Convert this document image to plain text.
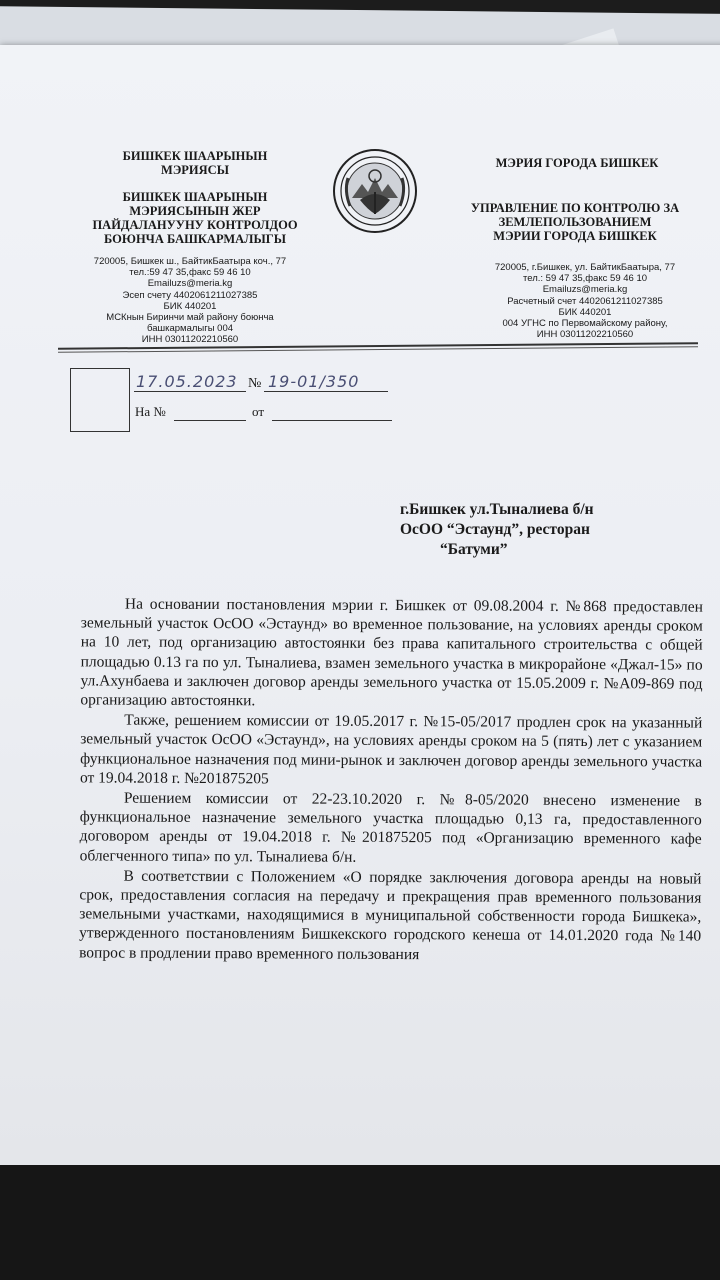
БИШКЕК ШААРЫНЫН
МЭРИЯСЫ
БИШКЕК ШААРЫНЫН
МЭРИЯСЫНЫН ЖЕР
ПАЙДАЛАНУУНУ КОНТРОЛДОО
БОЮНЧА БАШКАРМАЛЫГЫ
720005, Бишкек ш., БайтикБаатыра коч., 77
тел.:59 47 35,факс 59 46 10
Emailuzs@meria.kg
Эсеп счету 4402061211027385
БИК 440201
МСКнын Биринчи май району боюнча
башкармалыгы 004
ИНН 03011202210560
МЭРИЯ ГОРОДА БИШКЕК
УПРАВЛЕНИЕ ПО КОНТРОЛЮ ЗА
ЗЕМЛЕПОЛЬЗОВАНИЕМ
МЭРИИ ГОРОДА БИШКЕК
720005, г.Бишкек, ул. БайтикБаатыра, 77
тел.: 59 47 35,факс 59 46 10
Emailuzs@meria.kg
Расчетный счет 4402061211027385
БИК 440201
004 УГНС по Первомайскому району,
ИНН 03011202210560
17.05.2023 № 19-01/350
На №	от
г.Бишкек ул.Тыналиева б/н
ОсОО “Эстаунд”, ресторан
“Батуми”

На основании постановления мэрии г. Бишкек от 09.08.2004 г. №868 предоставлен земельный участок ОсОО «Эстаунд» во временное пользование, на условиях аренды сроком на 10 лет, под организацию автостоянки без права капитального строительства с общей площадью 0.13 га по ул. Тыналиева, взамен земельного участка в микрорайоне «Джал-15» по ул.Ахунбаева и заключен договор аренды земельного участка от 15.05.2009 г. №А09-869 под организацию автостоянки.

Также, решением комиссии от 19.05.2017 г. №15-05/2017 продлен срок на указанный земельный участок ОсОО «Эстаунд», на условиях аренды сроком на 5 (пять) лет с указанием функциональное назначения под мини-рынок и заключен договор аренды земельного участка от 19.04.2018 г. №201875205

Решением комиссии от 22-23.10.2020 г. №8-05/2020 внесено изменение в функциональное назначение земельного участка площадью 0,13 га, предоставленного договором аренды от 19.04.2018 г. №201875205 под «Организацию временного кафе облегченного типа» по ул. Тыналиева б/н.

В соответствии с Положением «О порядке заключения договора аренды на новый срок, предоставления согласия на передачу и прекращения прав временного пользования земельными участками, находящимися в муниципальной собственности города Бишкека», утвержденного постановлениям Бишкекского городского кенеша от 14.01.2020 года №140 вопрос в продлении право временного пользования
